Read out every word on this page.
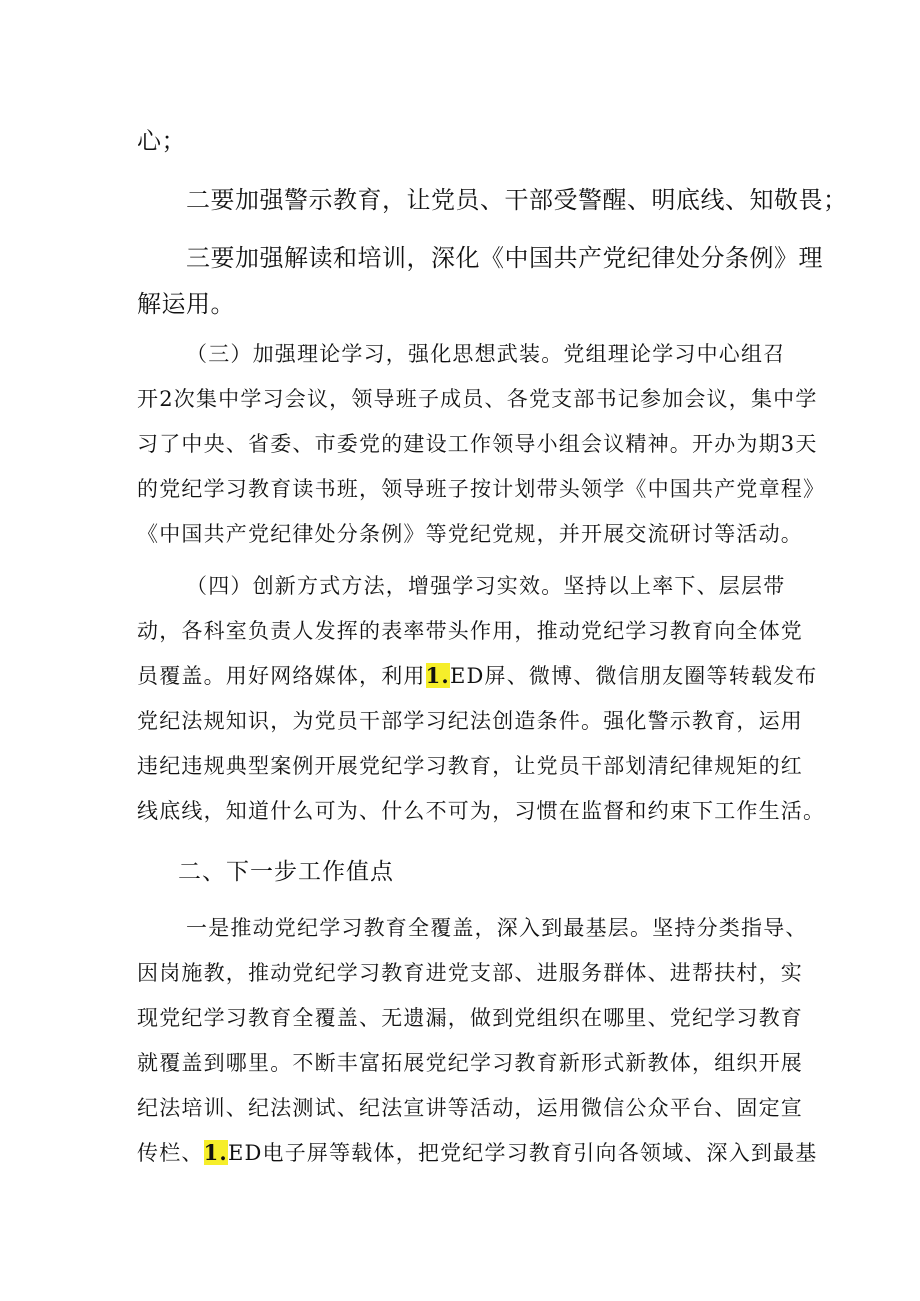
心；
二要加强警示教育，让党员、干部受警醒、明底线、知敬畏；
三要加强解读和培训，深化《中国共产党纪律处分条例》理
解运用。
（三）加强理论学习，强化思想武装。党组理论学习中心组召
开2次集中学习会议，领导班子成员、各党支部书记参加会议，集中学
习了中央、省委、市委党的建设工作领导小组会议精神。开办为期3天
的党纪学习教育读书班，领导班子按计划带头领学《中国共产党章程》
《中国共产党纪律处分条例》等党纪党规，并开展交流研讨等活动。
（四）创新方式方法，增强学习实效。坚持以上率下、层层带
动，各科室负责人发挥的表率带头作用，推动党纪学习教育向全体党
员覆盖。用好网络媒体，利用1.ED屏、微博、微信朋友圈等转载发布
党纪法规知识，为党员干部学习纪法创造条件。强化警示教育，运用
违纪违规典型案例开展党纪学习教育，让党员干部划清纪律规矩的红
线底线，知道什么可为、什么不可为，习惯在监督和约束下工作生活。
二、下一步工作值点
一是推动党纪学习教育全覆盖，深入到最基层。坚持分类指导、
因岗施教，推动党纪学习教育进党支部、进服务群体、进帮扶村，实
现党纪学习教育全覆盖、无遗漏，做到党组织在哪里、党纪学习教育
就覆盖到哪里。不断丰富拓展党纪学习教育新形式新教体，组织开展
纪法培训、纪法测试、纪法宣讲等活动，运用微信公众平台、固定宣
传栏、1.ED电子屏等载体，把党纪学习教育引向各领域、深入到最基
